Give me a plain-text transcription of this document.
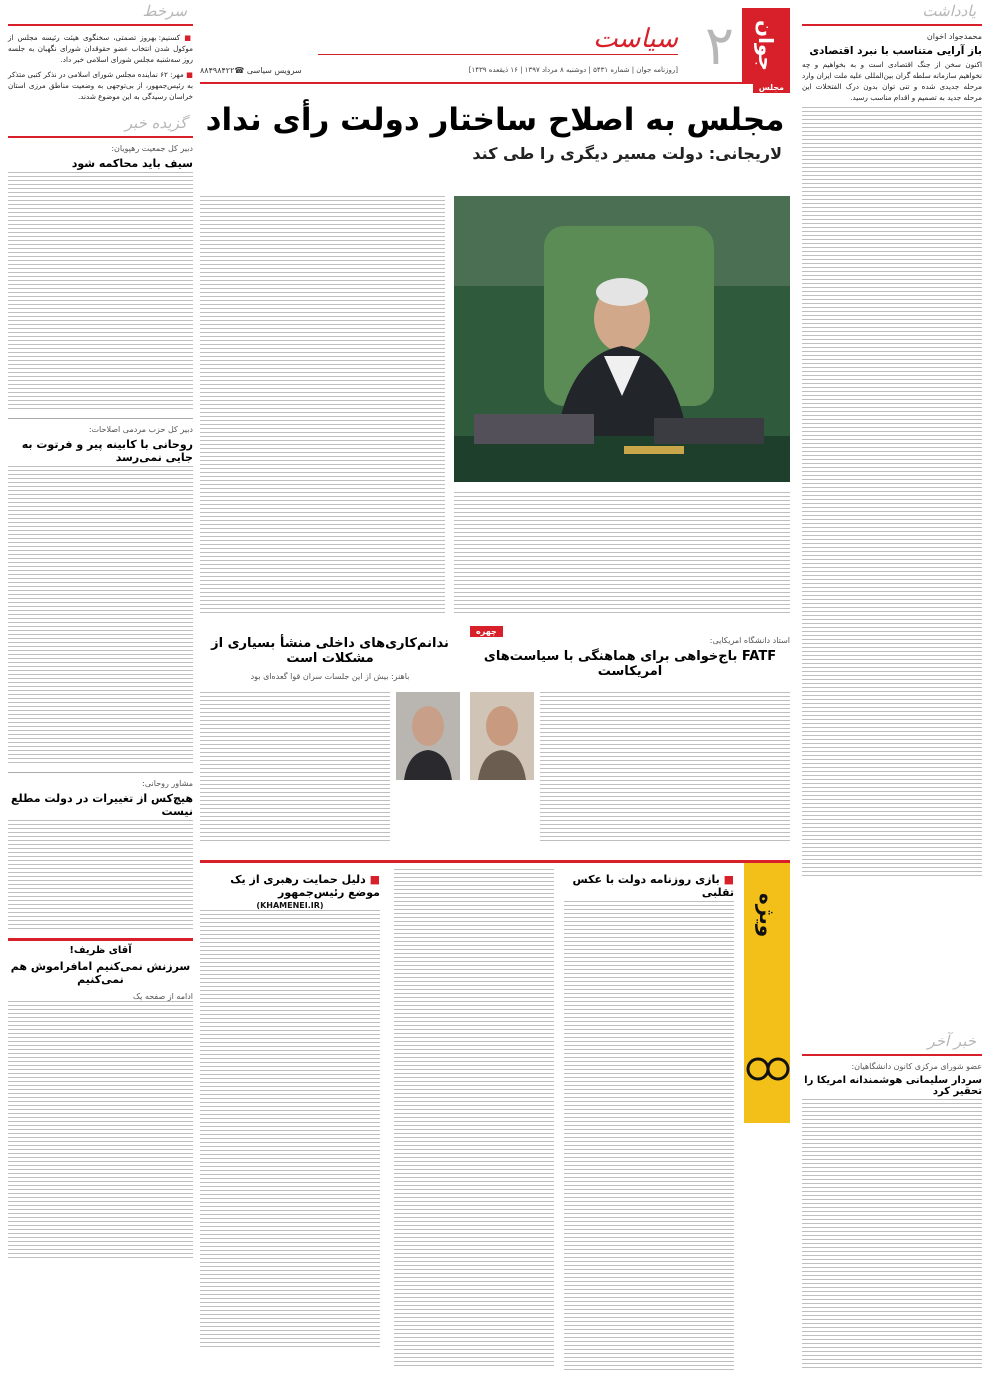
یادداشت
محمدجواد اخوان
باز آرایی متناسب با نبرد اقتصادی
اکنون سخن از جنگ اقتصادی است و به بخواهیم و چه نخواهیم سازمانه سلطه گران بین‌المللی علیه ملت ایران وارد مرحله جدیدی شده و تنی توان بدون درک الفتخلات این مرحله جدید به تصمیم و اقدام مناسب رسید.
خبر آخر
عضو شورای مرکزی کانون دانشگاهیان:
سردار سلیمانی هوشمندانه امریکا را تحقیر کرد
سرخط
■ کسنیم: بهروز تصمتی، سخنگوی هیئت رئیسه مجلس از موکول شدن انتخاب عضو حقوقدان شورای نگهبان به جلسه روز سه‌شنبه مجلس شورای اسلامی خبر داد.
■ مهر: ۶۲ نماینده مجلس شورای اسلامی در نذکر کتبی متذکر به رئیس‌جمهور، از بی‌توجهی به وضعیت مناطق مرزی استان خراسان رسیدگی به این موضوع شدند.
گزیده خبر
دبیر کل جمعیت رهپویان:
سیف باید محاکمه شود
دبیر کل حزب مردمی اصلاحات:
روحانی با کابینه پیر و فرتوت به جایی نمی‌رسد
مشاور روحانی:
هیچ‌کس از تغییرات در دولت مطلع نیست
آقای ظریف!
سرزنش نمی‌کنیم امافراموش هم نمی‌کنیم
ادامه از صفحه یک
جوان
۲
سیاست
[روزنامه جوان | شماره ۵۴۳۱ | دوشنبه ۸ مرداد ۱۳۹۷ | ۱۶ ذیقعده ۱۴۳۹]
سرویس سیاسی ☎۸۸۴۹۸۴۲۲
مجلس
مجلس به اصلاح ساختار دولت رأی نداد
لاریجانی: دولت مسیر دیگری را طی کند
چهره
استاد دانشگاه امریکایی:
FATF باج‌خواهی برای هماهنگی با سیاست‌های امریکاست
ندانم‌کاری‌های داخلی منشأ بسیاری از مشکلات است
باهنر: بیش از این جلسات سران قوا گعده‌ای بود
ویژه
■ بازی روزنامه دولت با عکس تقلبی
■ دلیل حمایت رهبری از یک موضع رئیس‌جمهور
(KHAMENEI.IR)
